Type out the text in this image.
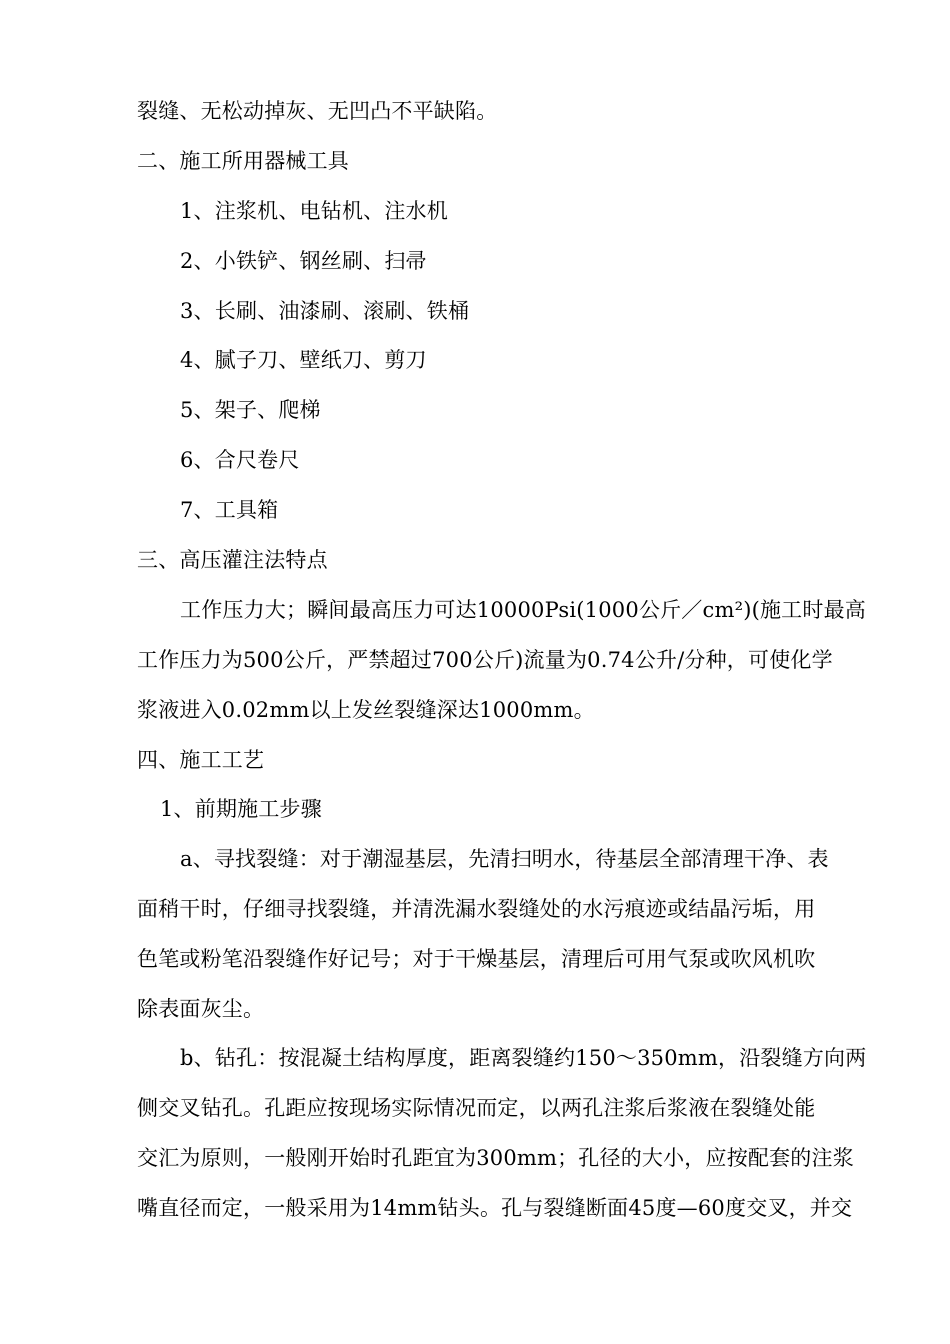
裂缝、无松动掉灰、无凹凸不平缺陷。
二、施工所用器械工具
1、注浆机、电钻机、注水机
2、小铁铲、钢丝刷、扫帚
3、长刷、油漆刷、滚刷、铁桶
4、腻子刀、壁纸刀、剪刀
5、架子、爬梯
6、合尺卷尺
7、工具箱
三、高压灌注法特点
工作压力大；瞬间最高压力可达10000Psi(1000公斤／cm²)(施工时最高
工作压力为500公斤，严禁超过700公斤)流量为0.74公升/分种，可使化学
浆液进入0.02mm以上发丝裂缝深达1000mm。
四、施工工艺
1、前期施工步骤
a、寻找裂缝：对于潮湿基层，先清扫明水，待基层全部清理干净、表
面稍干时，仔细寻找裂缝，并清洗漏水裂缝处的水污痕迹或结晶污垢，用
色笔或粉笔沿裂缝作好记号；对于干燥基层，清理后可用气泵或吹风机吹
除表面灰尘。
b、钻孔：按混凝土结构厚度，距离裂缝约150～350mm，沿裂缝方向两
侧交叉钻孔。孔距应按现场实际情况而定，以两孔注浆后浆液在裂缝处能
交汇为原则，一般刚开始时孔距宜为300mm；孔径的大小，应按配套的注浆
嘴直径而定，一般采用为14mm钻头。孔与裂缝断面45度—60度交叉，并交
